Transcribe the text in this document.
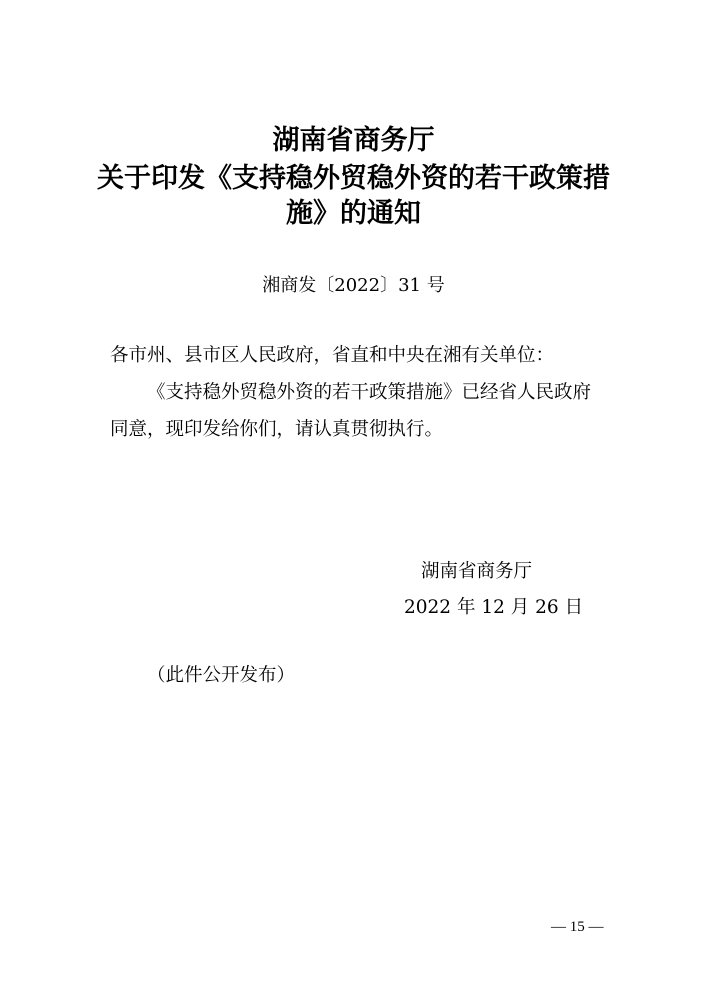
湖南省商务厅
关于印发《支持稳外贸稳外资的若干政策措
施》的通知
湘商发〔2022〕31 号
各市州、县市区人民政府，省直和中央在湘有关单位：
《支持稳外贸稳外资的若干政策措施》已经省人民政府
同意，现印发给你们，请认真贯彻执行。
湖南省商务厅
2022 年 12 月 26 日
（此件公开发布）
— 15 —
